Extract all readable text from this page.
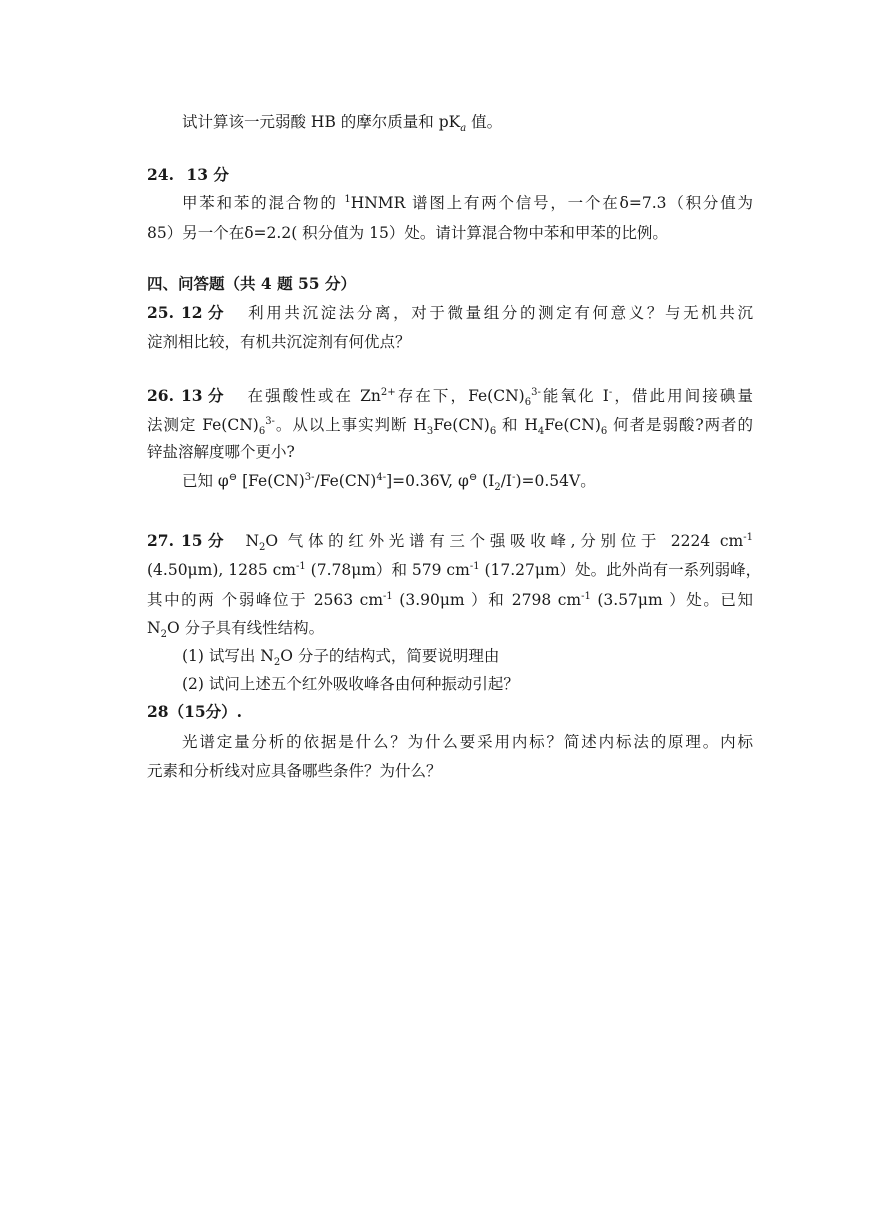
试计算该一元弱酸 HB 的摩尔质量和 $pK_a$ 值。
24. 13 分
甲苯和苯的混合物的 $^1$HNMR 谱图上有两个信号，一个在δ=7.3（积分值为
85）另一个在δ=2.2( 积分值为 15）处。请计算混合物中苯和甲苯的比例。
四、问答题（共 4 题 55 分）
25. 12 分 利用共沉淀法分离，对于微量组分的测定有何意义？与无机共沉
淀剂相比较，有机共沉淀剂有何优点？
26. 13 分 在强酸性或在 $Zn^{2+}$存在下，$Fe(CN)_6^{3-}$能氧化 I-，借此用间接碘量
法测定 $Fe(CN)_6^{3-}$。从以上事实判断 $H_3Fe(CN)_6$ 和 $H_4Fe(CN)_6$ 何者是弱酸?两者的
锌盐溶解度哪个更小?
已知 φ⊖ [Fe(CN)$^{3-}$/Fe(CN)$^{4-}$]=0.36V, φ⊖ $(I_2/I^-)=0.54V$。
27. 15 分 $N_2O$ 气体的红外光谱有三个强吸收峰,分别位于 2224 $cm^{-1}$
(4.50μm), 1285 $cm^{-1}$ (7.78μm）和 579 $cm^{-1}$ (17.27μm）处。此外尚有一系列弱峰，
其中的两 个弱峰位于 2563 $cm^{-1}$ (3.90μm ）和 2798 $cm^{-1}$ (3.57μm ）处。已知
$N_2O$ 分子具有线性结构。
(1) 试写出 $N_2O$ 分子的结构式，简要说明理由
(2) 试问上述五个红外吸收峰各由何种振动引起？
28（15分）.
光谱定量分析的依据是什么？为什么要采用内标？简述内标法的原理。内标
元素和分析线对应具备哪些条件？为什么？
